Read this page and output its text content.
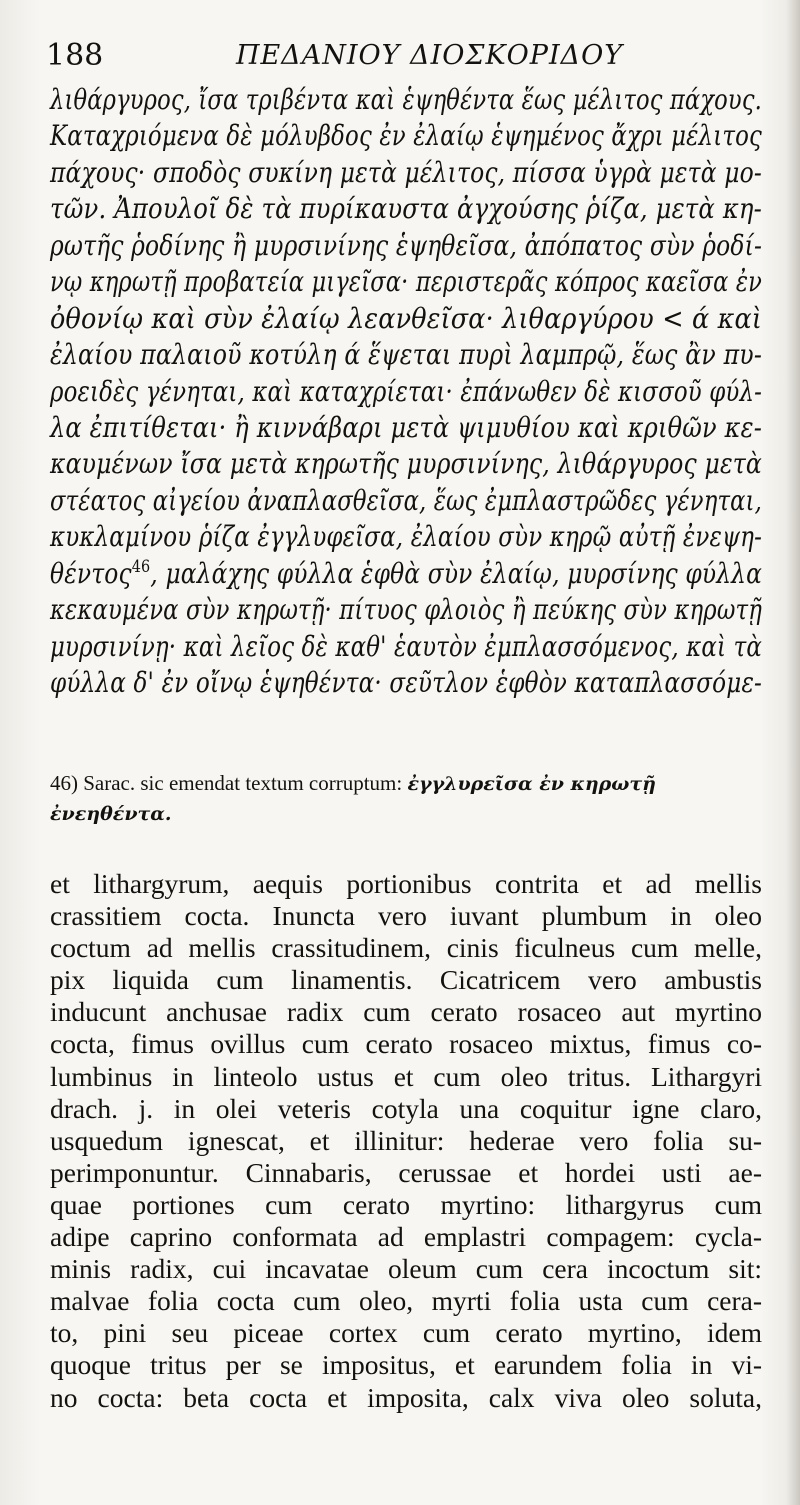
188	ΠΕΔΑΝΙΟΥ ΔΙΟΣΚΟΡΙΔΟΥ
λιθάργυρος, ἴσα τριβέντα καὶ ἑψηθέντα ἕως μέλιτος πάχους.
Καταχριόμενα δὲ μόλυβδος ἐν ἐλαίῳ ἑψημένος ἄχρι μέλιτος
πάχους· σποδὸς συκίνη μετὰ μέλιτος, πίσσα ὑγρὰ μετὰ μο-
τῶν. Ἀπουλοῖ δὲ τὰ πυρίκαυστα ἀγχούσης ῥίζα, μετὰ κη-
ρωτῆς ῥοδίνης ἢ μυρσινίνης ἑψηθεῖσα, ἀπόπατος σὺν ῥοδί-
νῳ κηρωτῇ προβατεία μιγεῖσα· περιστερᾶς κόπρος καεῖσα ἐν
ὀθονίῳ καὶ σὺν ἐλαίῳ λεανθεῖσα· λιθαργύρου < ά καὶ
ἐλαίου παλαιοῦ κοτύλη ά ἕψεται πυρὶ λαμπρῷ, ἕως ἂν πυ-
ροειδὲς γένηται, καὶ καταχρίεται· ἐπάνωθεν δὲ κισσοῦ φύλ-
λα ἐπιτίθεται· ἢ κιννάβαρι μετὰ ψιμυθίου καὶ κριθῶν κε-
καυμένων ἴσα μετὰ κηρωτῆς μυρσινίνης, λιθάργυρος μετὰ
στέατος αἰγείου ἀναπλασθεῖσα, ἕως ἐμπλαστρῶδες γένηται,
κυκλαμίνου ῥίζα ἐγγλυφεῖσα, ἐλαίου σὺν κηρῷ αὐτῇ ἐνεψη-
θέντος$^{46}$, μαλάχης φύλλα ἑφθὰ σὺν ἐλαίῳ, μυρσίνης φύλλα
κεκαυμένα σὺν κηρωτῇ· πίτυος φλοιὸς ἢ πεύκης σὺν κηρωτῇ
μυρσινίνῃ· καὶ λεῖος δὲ καθ' ἑαυτὸν ἐμπλασσόμενος, καὶ τὰ
φύλλα δ' ἐν οἴνῳ ἑψηθέντα· σεῦτλον ἑφθὸν καταπλασσόμε-
46) Sarac. sic emendat textum corruptum: ἐγγλυρεῖσα ἐν κηρωτῇ
ἐνεηθέντα.
et lithargyrum, aequis portionibus contrita et ad mellis
crassitiem cocta. Inuncta vero iuvant plumbum in oleo
coctum ad mellis crassitudinem, cinis ficulneus cum melle,
pix liquida cum linamentis. Cicatricem vero ambustis
inducunt anchusae radix cum cerato rosaceo aut myrtino
cocta, fimus ovillus cum cerato rosaceo mixtus, fimus co-
lumbinus in linteolo ustus et cum oleo tritus. Lithargyri
drach. j. in olei veteris cotyla una coquitur igne claro,
usquedum ignescat, et illinitur: hederae vero folia su-
perimponuntur. Cinnabaris, cerussae et hordei usti ae-
quae portiones cum cerato myrtino: lithargyrus cum
adipe caprino conformata ad emplastri compagem: cycla-
minis radix, cui incavatae oleum cum cera incoctum sit:
malvae folia cocta cum oleo, myrti folia usta cum cera-
to, pini seu piceae cortex cum cerato myrtino, idem
quoque tritus per se impositus, et earundem folia in vi-
no cocta: beta cocta et imposita, calx viva oleo soluta,
